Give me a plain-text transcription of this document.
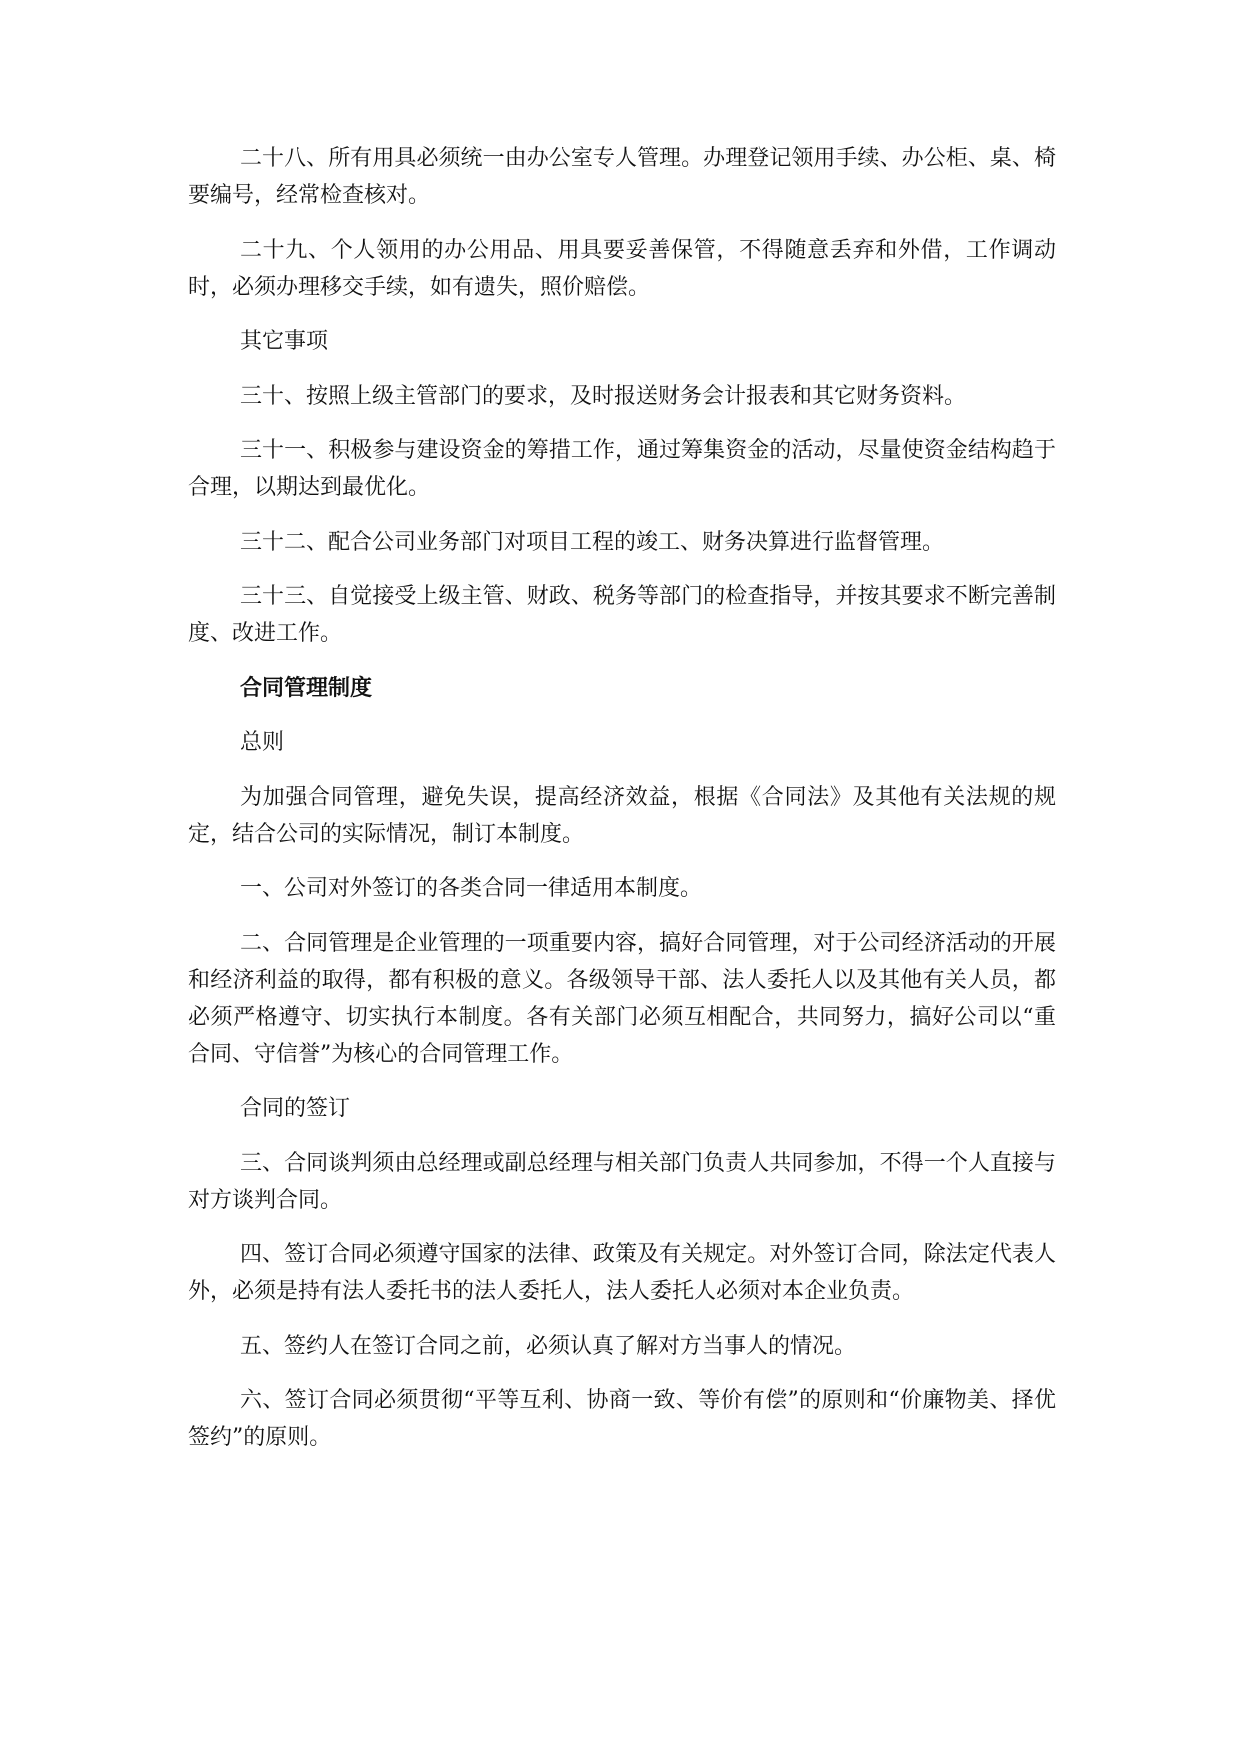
二十八、所有用具必须统一由办公室专人管理。办理登记领用手续、办公柜、桌、椅要编号，经常检查核对。

二十九、个人领用的办公用品、用具要妥善保管，不得随意丢弃和外借，工作调动时，必须办理移交手续，如有遗失，照价赔偿。

其它事项

三十、按照上级主管部门的要求，及时报送财务会计报表和其它财务资料。

三十一、积极参与建设资金的筹措工作，通过筹集资金的活动，尽量使资金结构趋于合理，以期达到最优化。

三十二、配合公司业务部门对项目工程的竣工、财务决算进行监督管理。

三十三、自觉接受上级主管、财政、税务等部门的检查指导，并按其要求不断完善制度、改进工作。

合同管理制度

总则

为加强合同管理，避免失误，提高经济效益，根据《合同法》及其他有关法规的规定，结合公司的实际情况，制订本制度。

一、公司对外签订的各类合同一律适用本制度。

二、合同管理是企业管理的一项重要内容，搞好合同管理，对于公司经济活动的开展和经济利益的取得，都有积极的意义。各级领导干部、法人委托人以及其他有关人员，都必须严格遵守、切实执行本制度。各有关部门必须互相配合，共同努力，搞好公司以“重合同、守信誉”为核心的合同管理工作。

合同的签订

三、合同谈判须由总经理或副总经理与相关部门负责人共同参加，不得一个人直接与对方谈判合同。

四、签订合同必须遵守国家的法律、政策及有关规定。对外签订合同，除法定代表人外，必须是持有法人委托书的法人委托人，法人委托人必须对本企业负责。

五、签约人在签订合同之前，必须认真了解对方当事人的情况。

六、签订合同必须贯彻“平等互利、协商一致、等价有偿”的原则和“价廉物美、择优签约”的原则。
